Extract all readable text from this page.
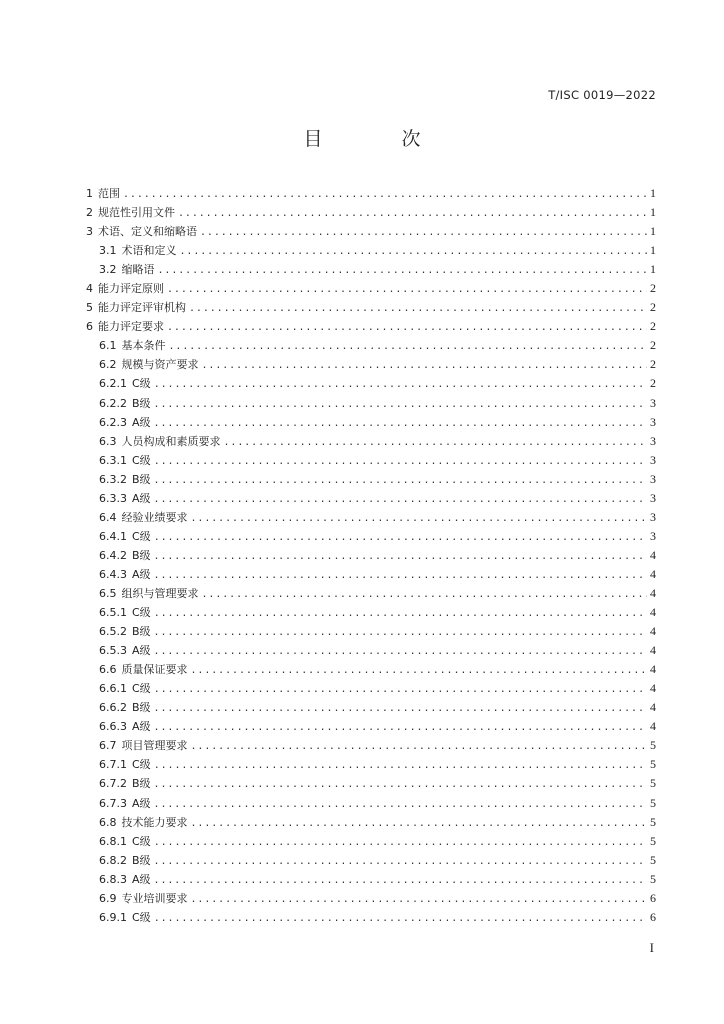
T/ISC 0019—2022
目　次
1 范围 .....	1
2 规范性引用文件 .....	1
3 术语、定义和缩略语 .....	1
3.1 术语和定义 .....	1
3.2 缩略语 .....	1
4 能力评定原则 .....	2
5 能力评定评审机构 .....	2
6 能力评定要求 .....	2
6.1 基本条件 .....	2
6.2 规模与资产要求 .....	2
6.2.1 C级 .....	2
6.2.2 B级 .....	3
6.2.3 A级 .....	3
6.3 人员构成和素质要求 .....	3
6.3.1 C级 .....	3
6.3.2 B级 .....	3
6.3.3 A级 .....	3
6.4 经验业绩要求 .....	3
6.4.1 C级 .....	3
6.4.2 B级 .....	4
6.4.3 A级 .....	4
6.5 组织与管理要求 .....	4
6.5.1 C级 .....	4
6.5.2 B级 .....	4
6.5.3 A级 .....	4
6.6 质量保证要求 .....	4
6.6.1 C级 .....	4
6.6.2 B级 .....	4
6.6.3 A级 .....	4
6.7 项目管理要求 .....	5
6.7.1 C级 .....	5
6.7.2 B级 .....	5
6.7.3 A级 .....	5
6.8 技术能力要求 .....	5
6.8.1 C级 .....	5
6.8.2 B级 .....	5
6.8.3 A级 .....	5
6.9 专业培训要求 .....	6
6.9.1 C级 .....	6
I
